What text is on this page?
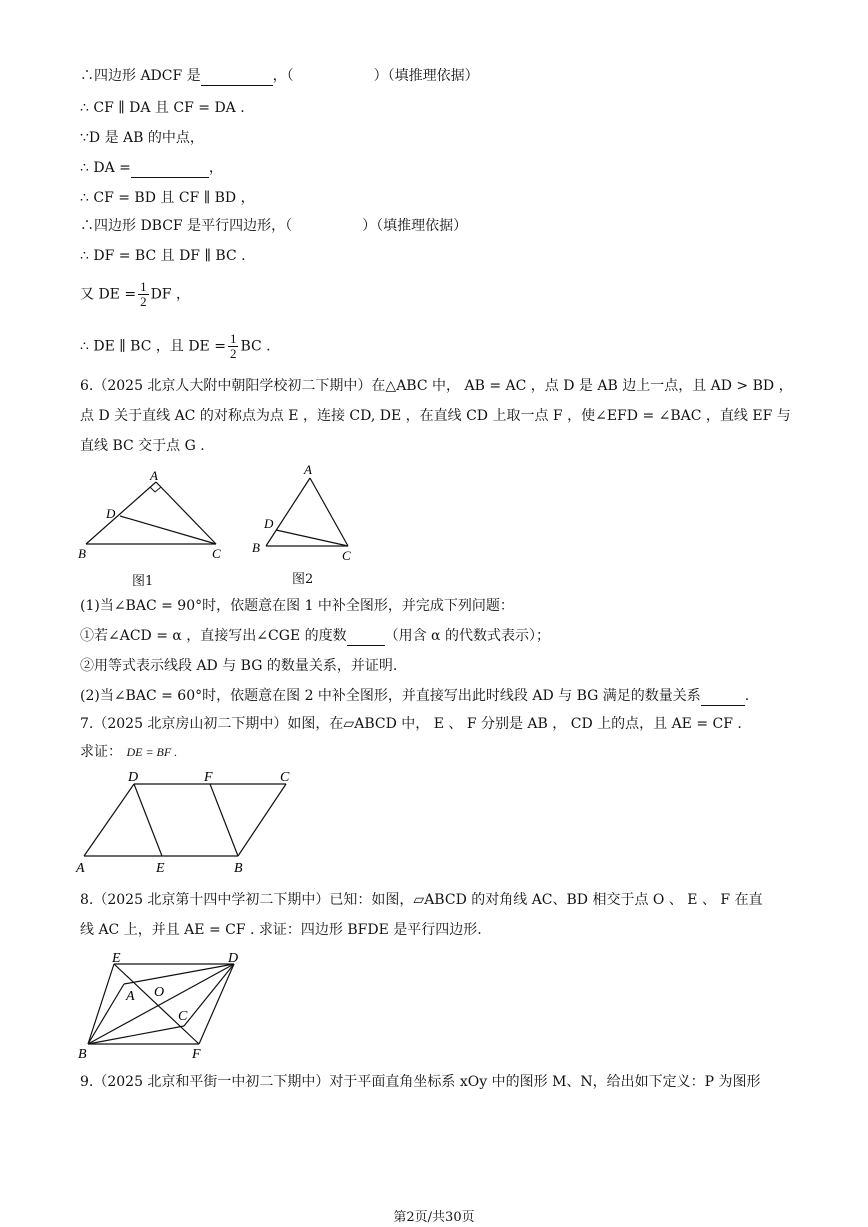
∴四边形 ADCF 是	，（	）（填推理依据）
∴ CF ∥ DA 且 CF = DA .
∵D 是 AB 的中点，
∴ DA =	，
∴ CF = BD 且 CF ∥ BD ，
∴四边形 DBCF 是平行四边形，（	）（填推理依据）
∴ DF = BC 且 DF ∥ BC .
又 DE = $\frac{1}{2}$ DF ，
∴ DE ∥ BC ，且 DE = $\frac{1}{2}$ BC .
6.（2025 北京人大附中朝阳学校初二下期中）在△ABC 中， AB = AC ，点 D 是 AB 边上一点，且 AD > BD ，
点 D 关于直线 AC 的对称点为点 E ，连接 CD, DE ，在直线 CD 上取一点 F ，使∠EFD = ∠BAC ，直线 EF 与
直线 BC 交于点 G .
A
D
B	C
图1
A
D
B
C
图2
(1)当∠BAC = 90°时，依题意在图 1 中补全图形，并完成下列问题：
①若∠ACD = α ，直接写出∠CGE 的度数	（用含 α 的代数式表示）；
②用等式表示线段 AD 与 BG 的数量关系，并证明.
(2)当∠BAC = 60°时，依题意在图 2 中补全图形，并直接写出此时线段 AD 与 BG 满足的数量关系	.
7.（2025 北京房山初二下期中）如图，在▱ABCD 中， E 、 F 分别是 AB ， CD 上的点，且 AE = CF .
求证： DE = BF .
D	F	C
A	E	B
8.（2025 北京第十四中学初二下期中）已知：如图，▱ABCD 的对角线 AC、BD 相交于点 O 、 E 、 F 在直
线 AC 上，并且 AE = CF . 求证：四边形 BFDE 是平行四边形.
E	D
A O
C
B	F
9.（2025 北京和平街一中初二下期中）对于平面直角坐标系 xOy 中的图形 M、N，给出如下定义：P 为图形
第2页/共30页
